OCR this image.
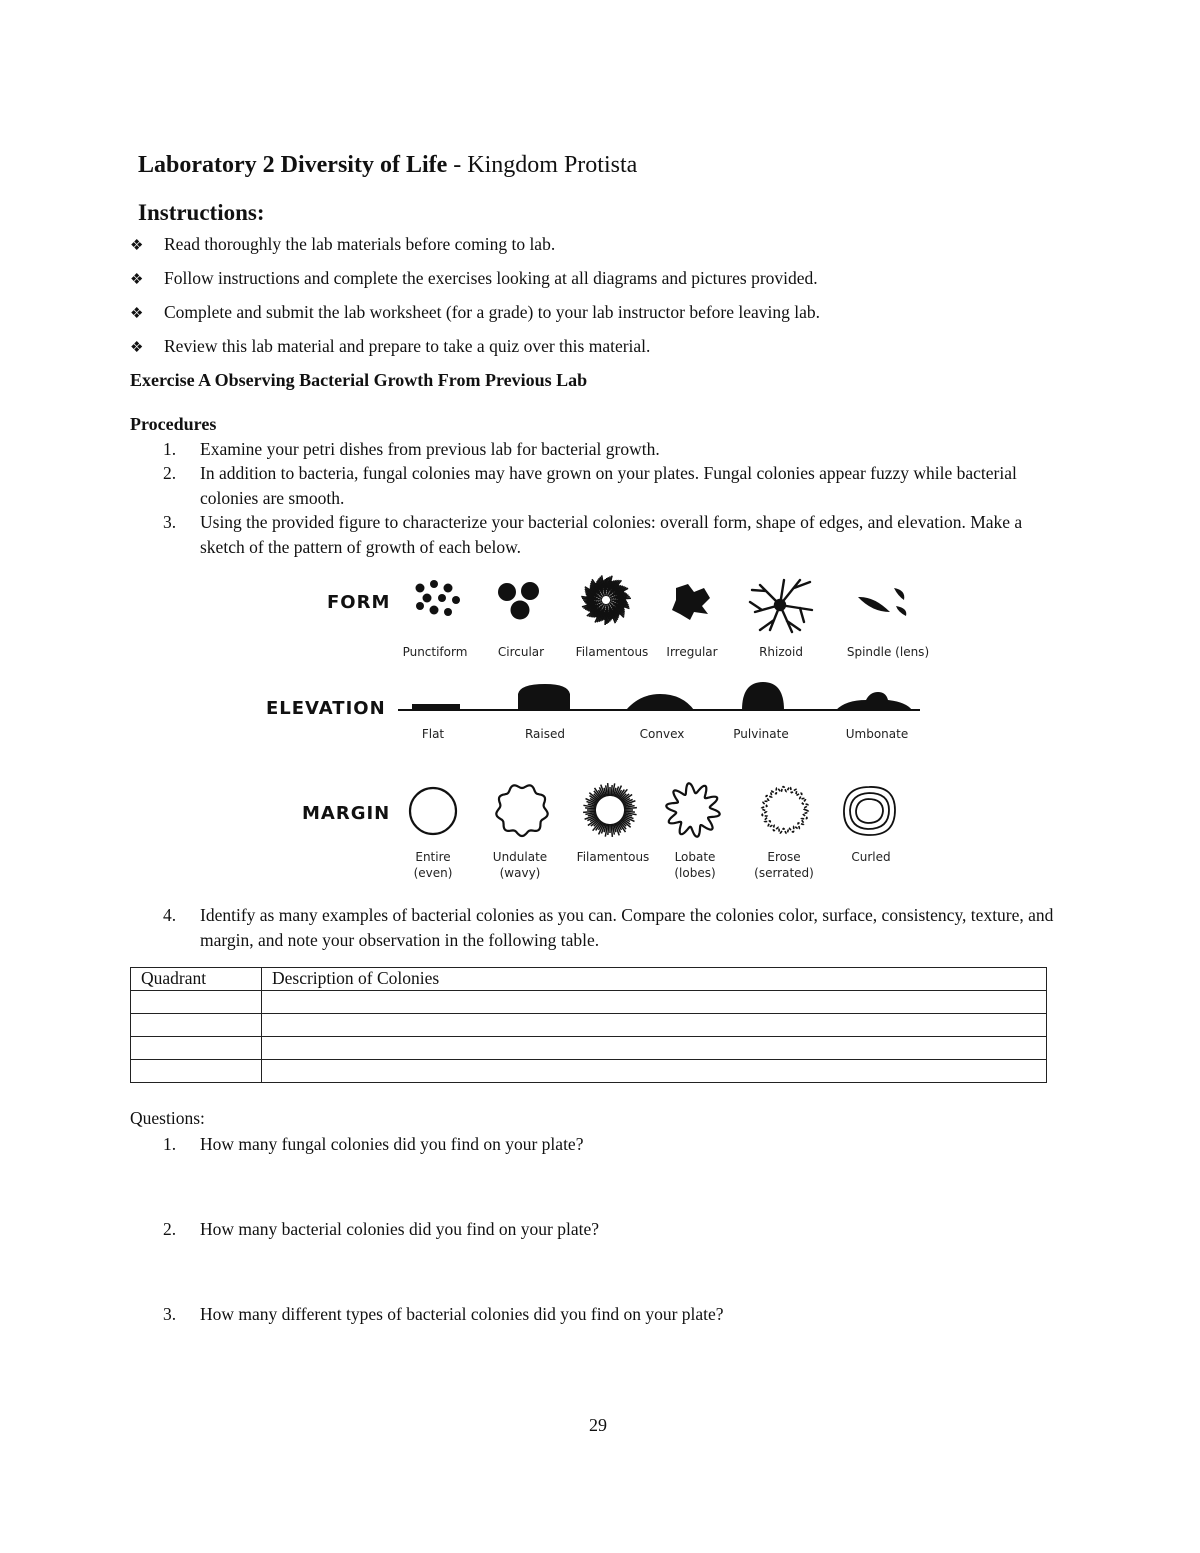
Laboratory 2 Diversity of Life - Kingdom Protista
Instructions:
❖ Read thoroughly the lab materials before coming to lab.
❖ Follow instructions and complete the exercises looking at all diagrams and pictures provided.
❖ Complete and submit the lab worksheet (for a grade) to your lab instructor before leaving lab.
❖ Review this lab material and prepare to take a quiz over this material.
Exercise A Observing Bacterial Growth From Previous Lab
Procedures
1.	Examine your petri dishes from previous lab for bacterial growth.
2.	In addition to bacteria, fungal colonies may have grown on your plates. Fungal colonies appear fuzzy while bacterial colonies are smooth.
3.	Using the provided figure to characterize your bacterial colonies: overall form, shape of edges, and elevation. Make a sketch of the pattern of growth of each below.
FORM
ELEVATION
MARGIN
Punctiform	Circular	Filamentous	Irregular	Rhizoid	Spindle (lens)
Flat	Raised	Convex	Pulvinate	Umbonate
Entire
(even)
Undulate
(wavy)
Filamentous	Lobate
(lobes)
Erose
(serrated)
Curled
4.	Identify as many examples of bacterial colonies as you can. Compare the colonies color, surface, consistency, texture, and margin, and note your observation in the following table.
Quadrant	Description of Colonies

Questions:
1.	How many fungal colonies did you find on your plate?
2.	How many bacterial colonies did you find on your plate?
3.	How many different types of bacterial colonies did you find on your plate?
29
